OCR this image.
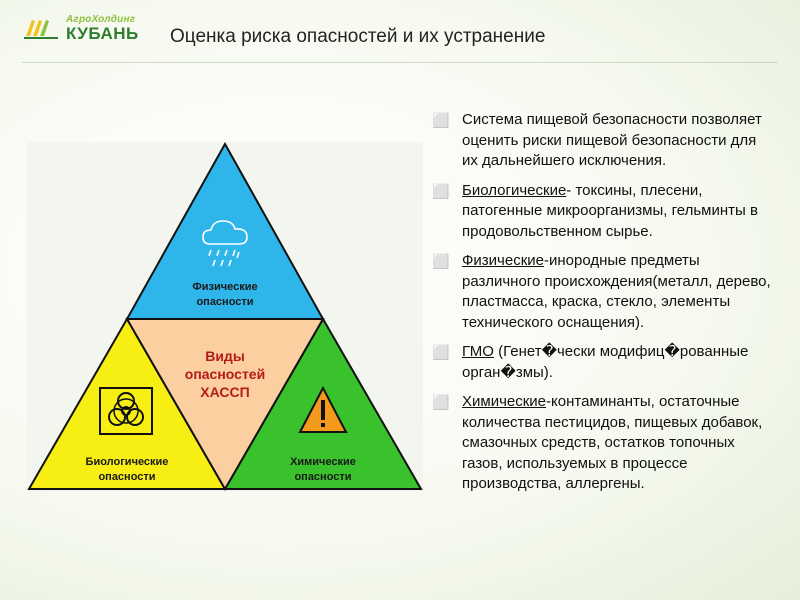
АгроХолдинг
КУБАНЬ Оценка риска опасностей и их устранение
Физические
опасности
Виды
опасностей
ХАССП
Биологические
опасности
Химические
опасности
⬜ Система пищевой безопасности позволяет оценить риски пищевой безопасности для их дальнейшего исключения.
⬜ Биологические- токсины, плесени, патогенные микроорганизмы, гельминты в продовольственном сырье.
⬜ Физические-инородные предметы различного происхождения(металл, дерево, пластмасса, краска, стекло, элементы технического оснащения).
⬜ ГМО (Генет�чески модифиц�рованные орган�змы).
⬜ Химические-контаминанты, остаточные количества пестицидов, пищевых добавок, смазочных средств, остатков топочных газов, используемых в процессе производства, аллергены.
